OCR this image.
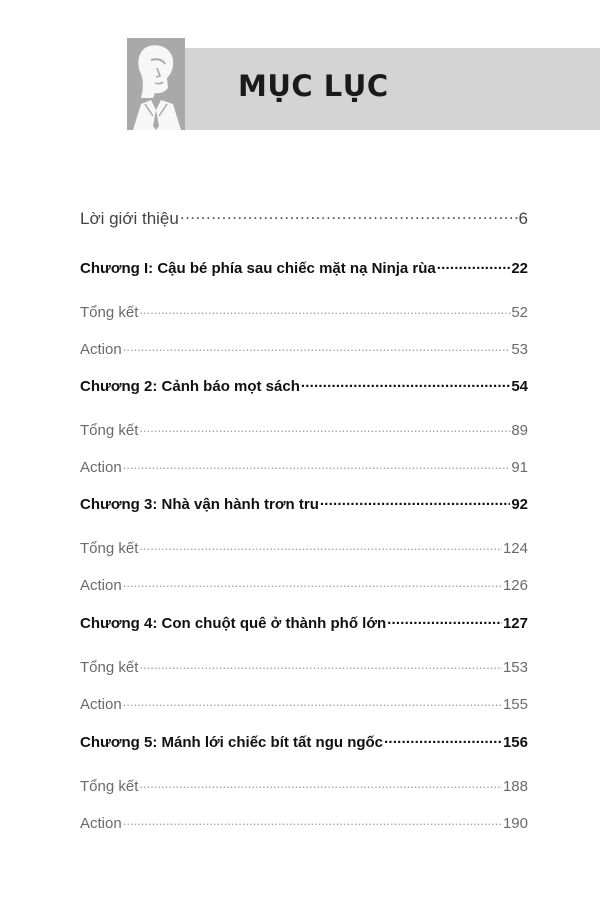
MỤC LỤC
Lời giới thiệu .....	6
Chương I: Cậu bé phía sau chiếc mặt nạ Ninja rùa .....	22
Tổng kết .....	52
Action .....	53
Chương 2: Cảnh báo mọt sách .....	54
Tổng kết .....	89
Action .....	91
Chương 3: Nhà vận hành trơn tru .....	92
Tổng kết .....	124
Action .....	126
Chương 4: Con chuột quê ở thành phố lớn .....	127
Tổng kết .....	153
Action .....	155
Chương 5: Mánh lới chiếc bít tất ngu ngốc .....	156
Tổng kết .....	188
Action .....	190
